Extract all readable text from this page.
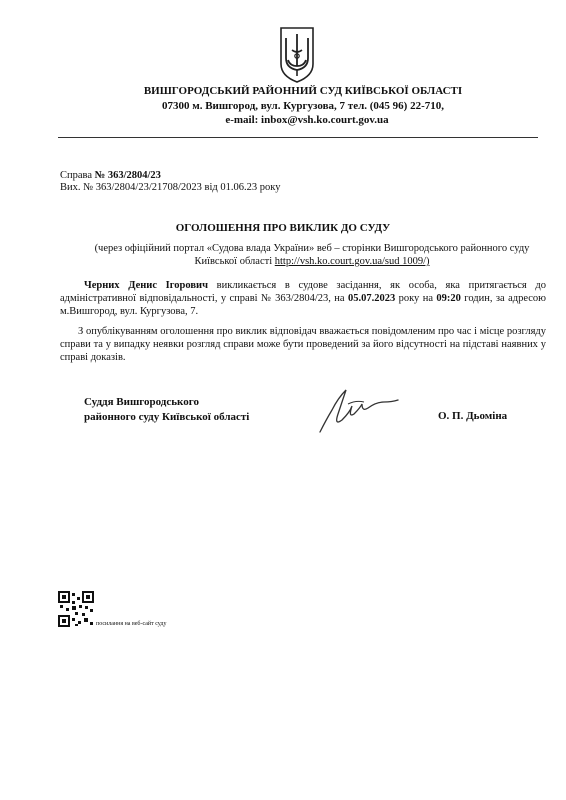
ВИШГОРОДСЬКИЙ РАЙОННИЙ СУД КИЇВСЬКОЇ ОБЛАСТІ
07300 м. Вишгород, вул. Кургузова, 7 тел. (045 96) 22-710,
e-mail: inbox@vsh.ko.court.gov.ua
Справа № 363/2804/23
Вих. № 363/2804/23/21708/2023 від 01.06.23 року
ОГОЛОШЕННЯ ПРО ВИКЛИК ДО СУДУ
(через офіційний портал «Судова влада України» веб – сторінки Вишгородського районного суду Київської області http://vsh.ko.court.gov.ua/sud 1009/)
Черних Денис Ігорович викликається в судове засідання, як особа, яка притягається до адміністративної відповідальності, у справі № 363/2804/23, на 05.07.2023 року на 09:20 годин, за адресою м.Вишгород, вул. Кургузова, 7.
З опублікуванням оголошення про виклик відповідач вважається повідомленим про час і місце розгляду справи та у випадку неявки розгляд справи може бути проведений за його відсутності на підставі наявних у справі доказів.
Суддя Вишгородського
районного суду Київської області	О. П. Дьоміна
посилання на веб-сайт суду
